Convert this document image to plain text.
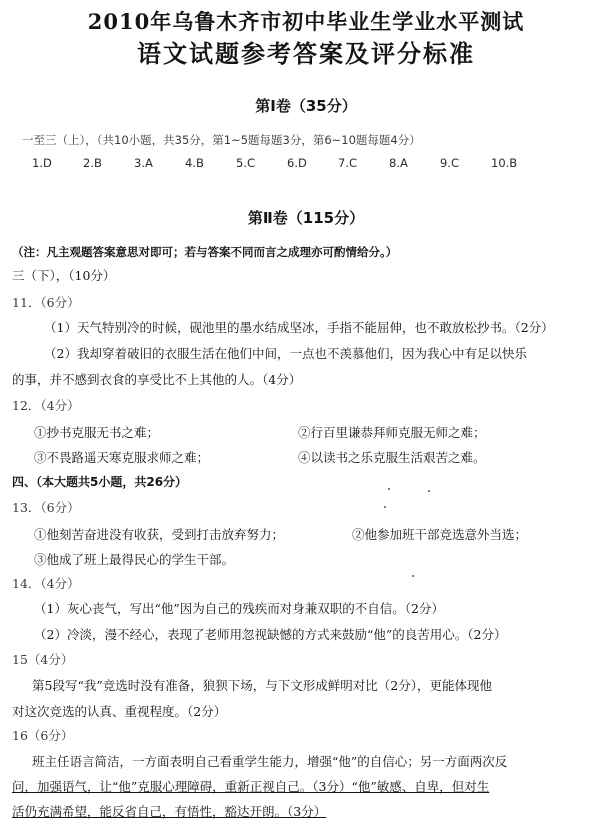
2010年乌鲁木齐市初中毕业生学业水平测试
语文试题参考答案及评分标准
第Ⅰ卷（35分）
一至三（上），（共10小题，共35分，第1~5题每题3分，第6~10题每题4分）
1.D	2.B	3.A	4.B	5.C	6.D	7.C	8.A	9.C	10.B
第Ⅱ卷（115分）
（注：凡主观题答案意思对即可；若与答案不同而言之成理亦可酌情给分。）
三（下），（10分）
11．（6分）
（1）天气特别冷的时候，砚池里的墨水结成坚冰，手指不能屈伸，也不敢放松抄书。（2分）
（2）我却穿着破旧的衣服生活在他们中间，一点也不羡慕他们，因为我心中有足以快乐
的事，并不感到衣食的享受比不上其他的人。（4分）
12．（4分）
①抄书克服无书之难；	②行百里谦恭拜师克服无师之难；
③不畏路遥天寒克服求师之难；	④以读书之乐克服生活艰苦之难。
四、（本大题共5小题，共26分）
13．（6分）
①他刻苦奋进没有收获，受到打击放弃努力；	②他参加班干部竞选意外当选；
③他成了班上最得民心的学生干部。
14．（4分）
（1）灰心丧气，写出“他”因为自己的残疾而对身兼双职的不自信。（2分）
（2）冷淡，漫不经心，表现了老师用忽视缺憾的方式来鼓励“他”的良苦用心。（2分）
15（4分）
第5段写“我”竞选时没有准备，狼狈下场，与下文形成鲜明对比（2分），更能体现他
对这次竞选的认真、重视程度。（2分）
16（6分）
班主任语言简洁，一方面表明自己看重学生能力，增强“他”的自信心；另一方面两次反
问，加强语气，让“他”克服心理障碍，重新正视自己。（3分）“他”敏感、自卑，但对生
活仍充满希望，能反省自己，有悟性，豁达开朗。（3分）
